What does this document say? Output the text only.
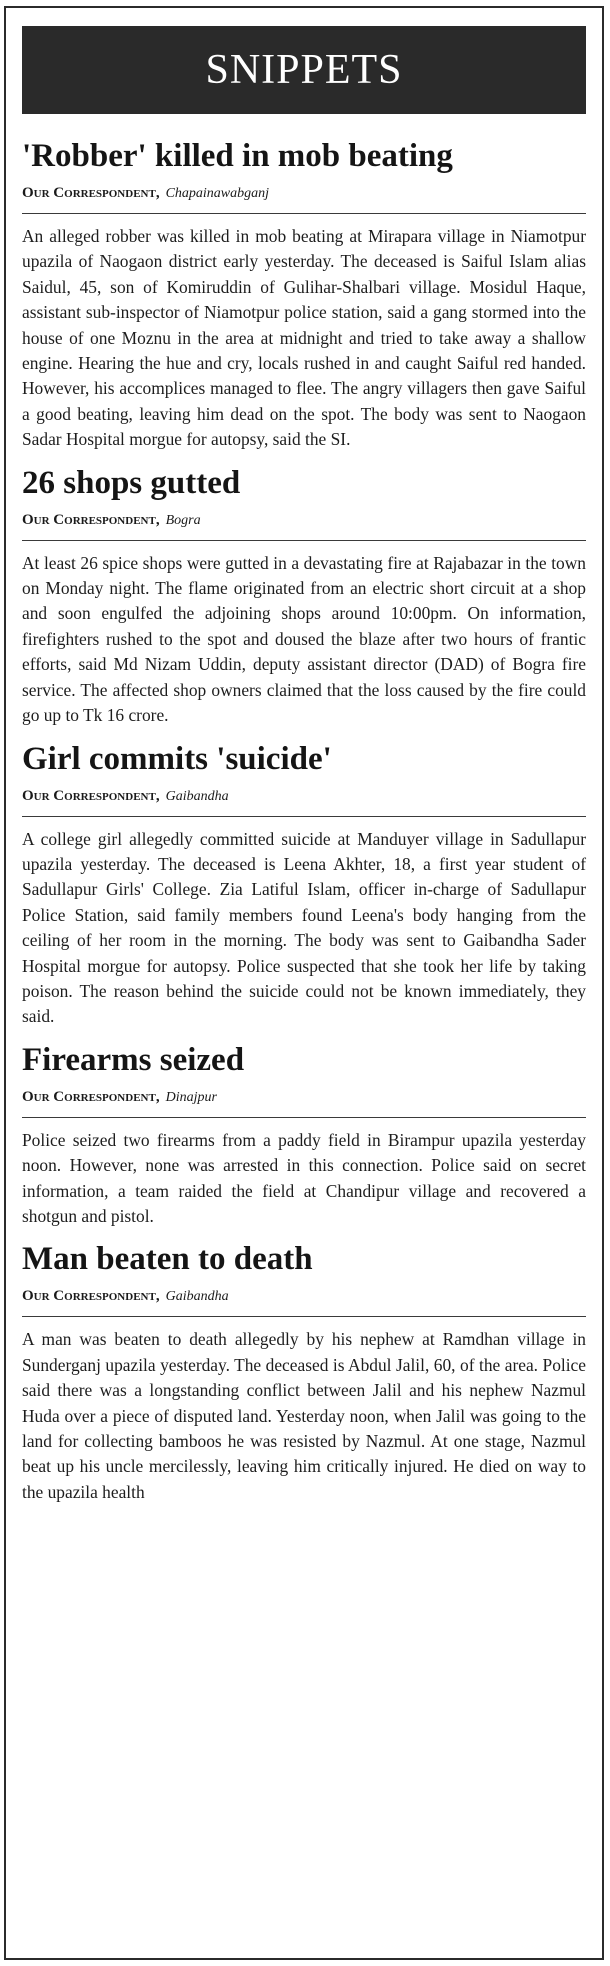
SNIPPETS
'Robber' killed in mob beating

Our Correspondent, Chapainawabganj

An alleged robber was killed in mob beating at Mirapara village in Niamotpur upazila of Naogaon district early yesterday. The deceased is Saiful Islam alias Saidul, 45, son of Komiruddin of Gulihar-Shalbari village. Mosidul Haque, assistant sub-inspector of Niamotpur police station, said a gang stormed into the house of one Moznu in the area at midnight and tried to take away a shallow engine. Hearing the hue and cry, locals rushed in and caught Saiful red handed. However, his accomplices managed to flee. The angry villagers then gave Saiful a good beating, leaving him dead on the spot. The body was sent to Naogaon Sadar Hospital morgue for autopsy, said the SI.

26 shops gutted

Our Correspondent, Bogra

At least 26 spice shops were gutted in a devastating fire at Rajabazar in the town on Monday night. The flame originated from an electric short circuit at a shop and soon engulfed the adjoining shops around 10:00pm. On information, firefighters rushed to the spot and doused the blaze after two hours of frantic efforts, said Md Nizam Uddin, deputy assistant director (DAD) of Bogra fire service. The affected shop owners claimed that the loss caused by the fire could go up to Tk 16 crore.

Girl commits 'suicide'

Our Correspondent, Gaibandha

A college girl allegedly committed suicide at Manduyer village in Sadullapur upazila yesterday. The deceased is Leena Akhter, 18, a first year student of Sadullapur Girls' College. Zia Latiful Islam, officer in-charge of Sadullapur Police Station, said family members found Leena's body hanging from the ceiling of her room in the morning. The body was sent to Gaibandha Sader Hospital morgue for autopsy. Police suspected that she took her life by taking poison. The reason behind the suicide could not be known immediately, they said.

Firearms seized

Our Correspondent, Dinajpur

Police seized two firearms from a paddy field in Birampur upazila yesterday noon. However, none was arrested in this connection. Police said on secret information, a team raided the field at Chandipur village and recovered a shotgun and pistol.

Man beaten to death

Our Correspondent, Gaibandha

A man was beaten to death allegedly by his nephew at Ramdhan village in Sunderganj upazila yesterday. The deceased is Abdul Jalil, 60, of the area. Police said there was a longstanding conflict between Jalil and his nephew Nazmul Huda over a piece of disputed land. Yesterday noon, when Jalil was going to the land for collecting bamboos he was resisted by Nazmul. At one stage, Nazmul beat up his uncle mercilessly, leaving him critically injured. He died on way to the upazila health
